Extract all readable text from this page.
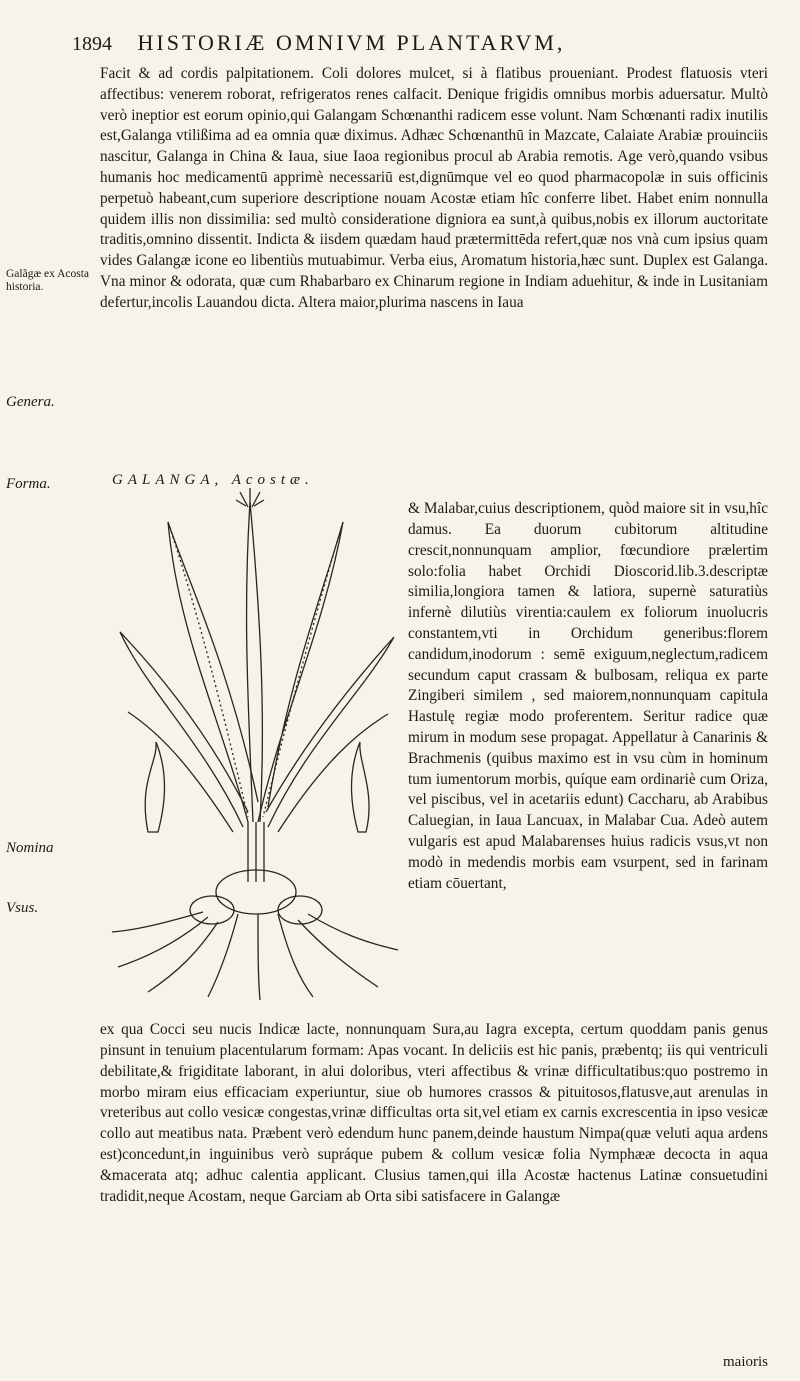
1894 HISTORIÆ OMNIVM PLANTARVM,
Galãgæ ex Acosta historia.
Genera.
Forma.
Nomina
Vsus.

Facit & ad cordis palpitationem. Coli dolores mulcet, si à flatibus proueniant. Prodest flatuosis vteri affectibus: venerem roborat, refrigeratos renes calfacit. Denique frigidis omnibus morbis aduersatur. Multò verò ineptior est eorum opinio,qui Galangam Schœnanthi radicem esse volunt. Nam Schœnanti radix inutilis est,Galanga vtilißima ad ea omnia quæ diximus. Adhæc Schœnanthū in Mazcate, Calaiate Arabiæ prouinciis nascitur, Galanga in China & Iaua, siue Iaoa regionibus procul ab Arabia remotis. Age verò,quando vsibus humanis hoc medicamentū apprimè necessariū est,dignūmque vel eo quod pharmacopolæ in suis officinis perpetuò habeant,cum superiore descriptione nouam Acostæ etiam hîc conferre libet. Habet enim nonnulla quidem illis non dissimilia: sed multò consideratione digniora ea sunt,à quibus,nobis ex illorum auctoritate traditis,omnino dissentit. Indicta & iisdem quædam haud prætermittēda refert,quæ nos vnà cum ipsius quam vides Galangæ icone eo libentiùs mutuabimur. Verba eius, Aromatum historia,hæc sunt. Duplex est Galanga. Vna minor & odorata, quæ cum Rhabarbaro ex Chinarum regione in Indiam aduehitur, & inde in Lusitaniam defertur,incolis Lauandou dicta. Altera maior,plurima nascens in Iaua

GALANGA, Acostæ.

& Malabar,cuius descriptionem, quòd maiore sit in vsu,hîc damus. Ea duorum cubitorum altitudine crescit,nonnunquam amplior, fœcundiore prælertim solo:folia habet Orchidi Dioscorid.lib.3.descriptæ similia,longiora tamen & latiora, supernè saturatiùs infernè dilutiùs virentia:caulem ex foliorum inuolucris constantem,vti in Orchidum generibus:florem candidum,inodorum : semē exiguum,neglectum,radicem secundum caput crassam & bulbosam, reliqua ex parte Zingiberi similem , sed maiorem,nonnunquam capitula Hastulę regiæ modo proferentem. Seritur radice quæ mirum in modum sese propagat. Appellatur à Canarinis & Brachmenis (quibus maximo est in vsu cùm in hominum tum iumentorum morbis, quíque eam ordinariè cum Oriza, vel piscibus, vel in acetariis edunt) Caccharu, ab Arabibus Caluegian, in Iaua Lancuax, in Malabar Cua. Adeò autem vulgaris est apud Malabarenses huius radicis vsus,vt non modò in medendis morbis eam vsurpent, sed in farinam etiam cōuertant,

ex qua Cocci seu nucis Indicæ lacte, nonnunquam Sura,au Iagra excepta, certum quoddam panis genus pinsunt in tenuium placentularum formam: Apas vocant. In deliciis est hic panis, præbentq; iis qui ventriculi debilitate,& frigiditate laborant, in alui doloribus, vteri affectibus & vrinæ difficultatibus:quo postremo in morbo miram eius efficaciam experiuntur, siue ob humores crassos & pituitosos,flatusve,aut arenulas in vreteribus aut collo vesicæ congestas,vrinæ difficultas orta sit,vel etiam ex carnis excrescentia in ipso vesicæ collo aut meatibus nata. Præbent verò edendum hunc panem,deinde haustum Nimpa(quæ veluti aqua ardens est)concedunt,in inguinibus verò supráque pubem & collum vesicæ folia Nymphææ decocta in aqua &macerata atq; adhuc calentia applicant. Clusius tamen,qui illa Acostæ hactenus Latinæ consuetudini tradidit,neque Acostam, neque Garciam ab Orta sibi satisfacere in Galangæ

maioris
